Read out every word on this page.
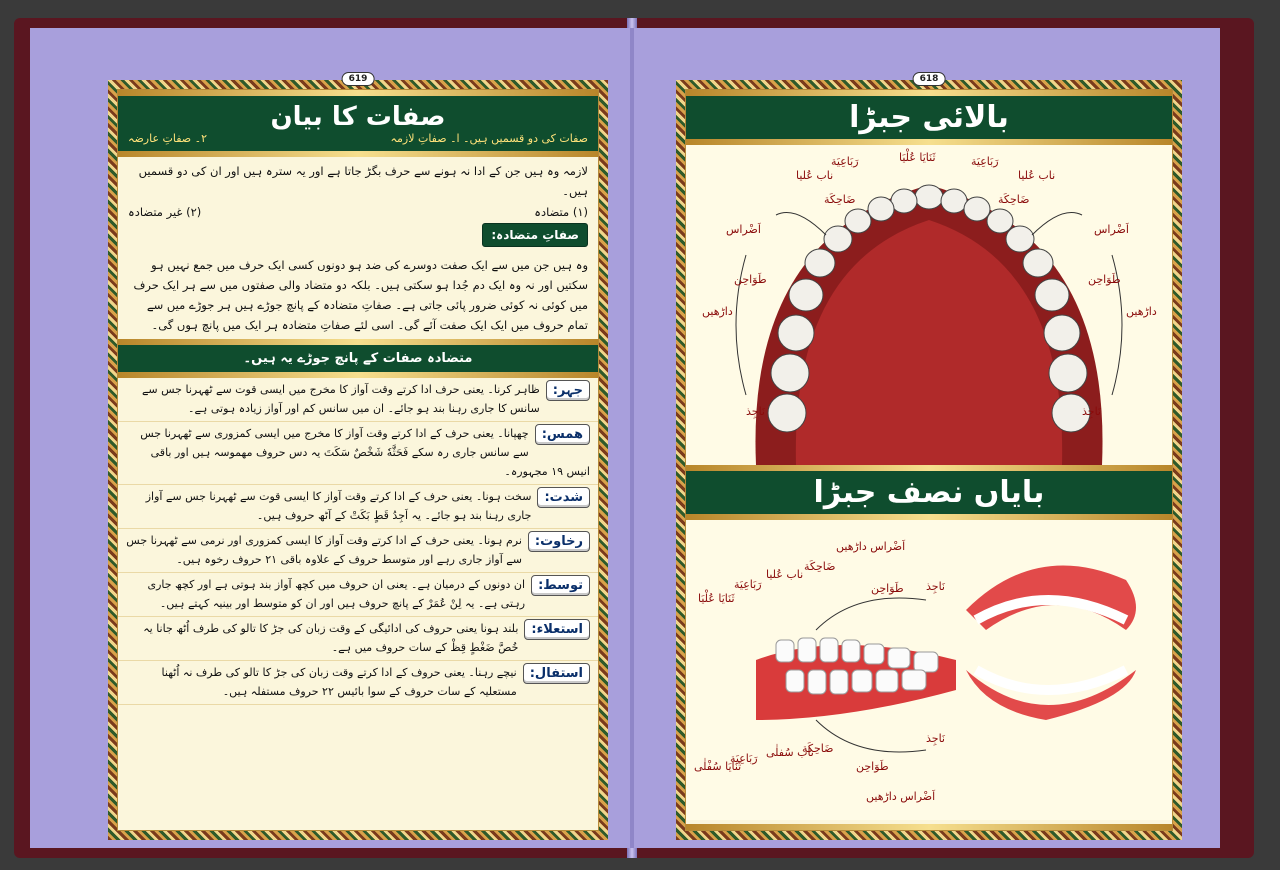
619
صفات کا بیان
صفات کی دو قسمیں ہیں۔ ا۔ صفاتِ لازمہ
۲۔ صفاتِ عارضہ
لازمہ وہ ہیں جن کے ادا نہ ہونے سے حرف بگڑ جاتا ہے اور یہ سترہ ہیں اور ان کی دو قسمیں ہیں۔
(۱) متضادہ
(۲) غیر متضادہ
صفاتِ متضادہ:
وہ ہیں جن میں سے ایک صفت دوسرے کی ضد ہو دونوں کسی ایک حرف میں جمع نہیں ہو سکتیں اور نہ وہ ایک دم جُدا ہو سکتی ہیں۔ بلکہ دو متضاد والی صفتوں میں سے ہر ایک حرف میں کوئی نہ کوئی ضرور پائی جاتی ہے۔ صفاتِ متضادہ کے پانچ جوڑے ہیں ہر جوڑے میں سے تمام حروف میں ایک ایک صفت آئے گی۔ اسی لئے صفاتِ متضادہ ہر ایک میں پانچ ہوں گی۔
متضادہ صفات کے پانچ جوڑے یہ ہیں۔
جہر:
ظاہر کرنا۔ یعنی حرف ادا کرتے وقت آواز کا مخرج میں ایسی قوت سے ٹھہرنا جس سے سانس کا جاری رہنا بند ہو جائے۔ ان میں سانس کم اور آواز زیادہ ہوتی ہے۔
ھمس:
چھپانا۔ یعنی حرف کے ادا کرتے وقت آواز کا مخرج میں ایسی کمزوری سے ٹھہرنا جس سے سانس جاری رہ سکے فَحَثَّهٗ شَخْصٌ سَكَتَ یہ دس حروف مھموسہ ہیں اور باقی انیس ۱۹ مجہورہ۔
شدت:
سخت ہونا۔ یعنی حرف کے ادا کرتے وقت آواز کا ایسی قوت سے ٹھہرنا جس سے آواز جاری رہنا بند ہو جائے۔ یہ اَجِدُ قَطٍ بَكَتْ کے آٹھ حروف ہیں۔
رخاوت:
نرم ہونا۔ یعنی حرف کے ادا کرتے وقت آواز کا ایسی کمزوری اور نرمی سے ٹھہرنا جس سے آواز جاری رہے اور متوسط حروف کے علاوہ باقی ۲۱ حروف رخوہ ہیں۔
توسط:
ان دونوں کے درمیان ہے۔ یعنی ان حروف میں کچھ آواز بند ہوتی ہے اور کچھ جاری رہتی ہے۔ یہ لِنْ عُمَرْ کے پانچ حروف ہیں اور ان کو متوسط اور بینیہ کہتے ہیں۔
استعلاء:
بلند ہونا یعنی حروف کی ادائیگی کے وقت زبان کی جڑ کا تالو کی طرف اُٹھ جانا یہ خُصَّ ضَغْطٍ قِظْ کے سات حروف میں ہے۔
استفال:
نیچے رہنا۔ یعنی حروف کے ادا کرتے وقت زبان کی جڑ کا تالو کی طرف نہ اُٹھنا مستعلیہ کے سات حروف کے سوا بائیس ۲۲ حروف مستفلہ ہیں۔
618
بالائی جبڑا
ثَنَایَا عُلْیَا	رَبَاعِیَة
رَبَاعِیَة
ناب عُلیا
ناب عُلیا
ضَاحِكَة
ضَاحِكَة
اَضْراس	اَضْراس
طَوَاحِن	طَوَاحِن
داڑھیں	داڑھیں
نَاجِذ	نَاجِذ
بایاں نصف جبڑا
اَضْراس داڑھیں
طَوَاحِن نَاجِذ
ضَاحِكَة
ناب عُلیا
رَبَاعِیَة
ثَنَایَا عُلْیَا
ثَنَایَا سُفْلٰی
رَبَاعِیَة ناب سُفلٰی
ضَاحِكَة
طَوَاحِن
نَاجِذ
اَضْراس داڑھیں
